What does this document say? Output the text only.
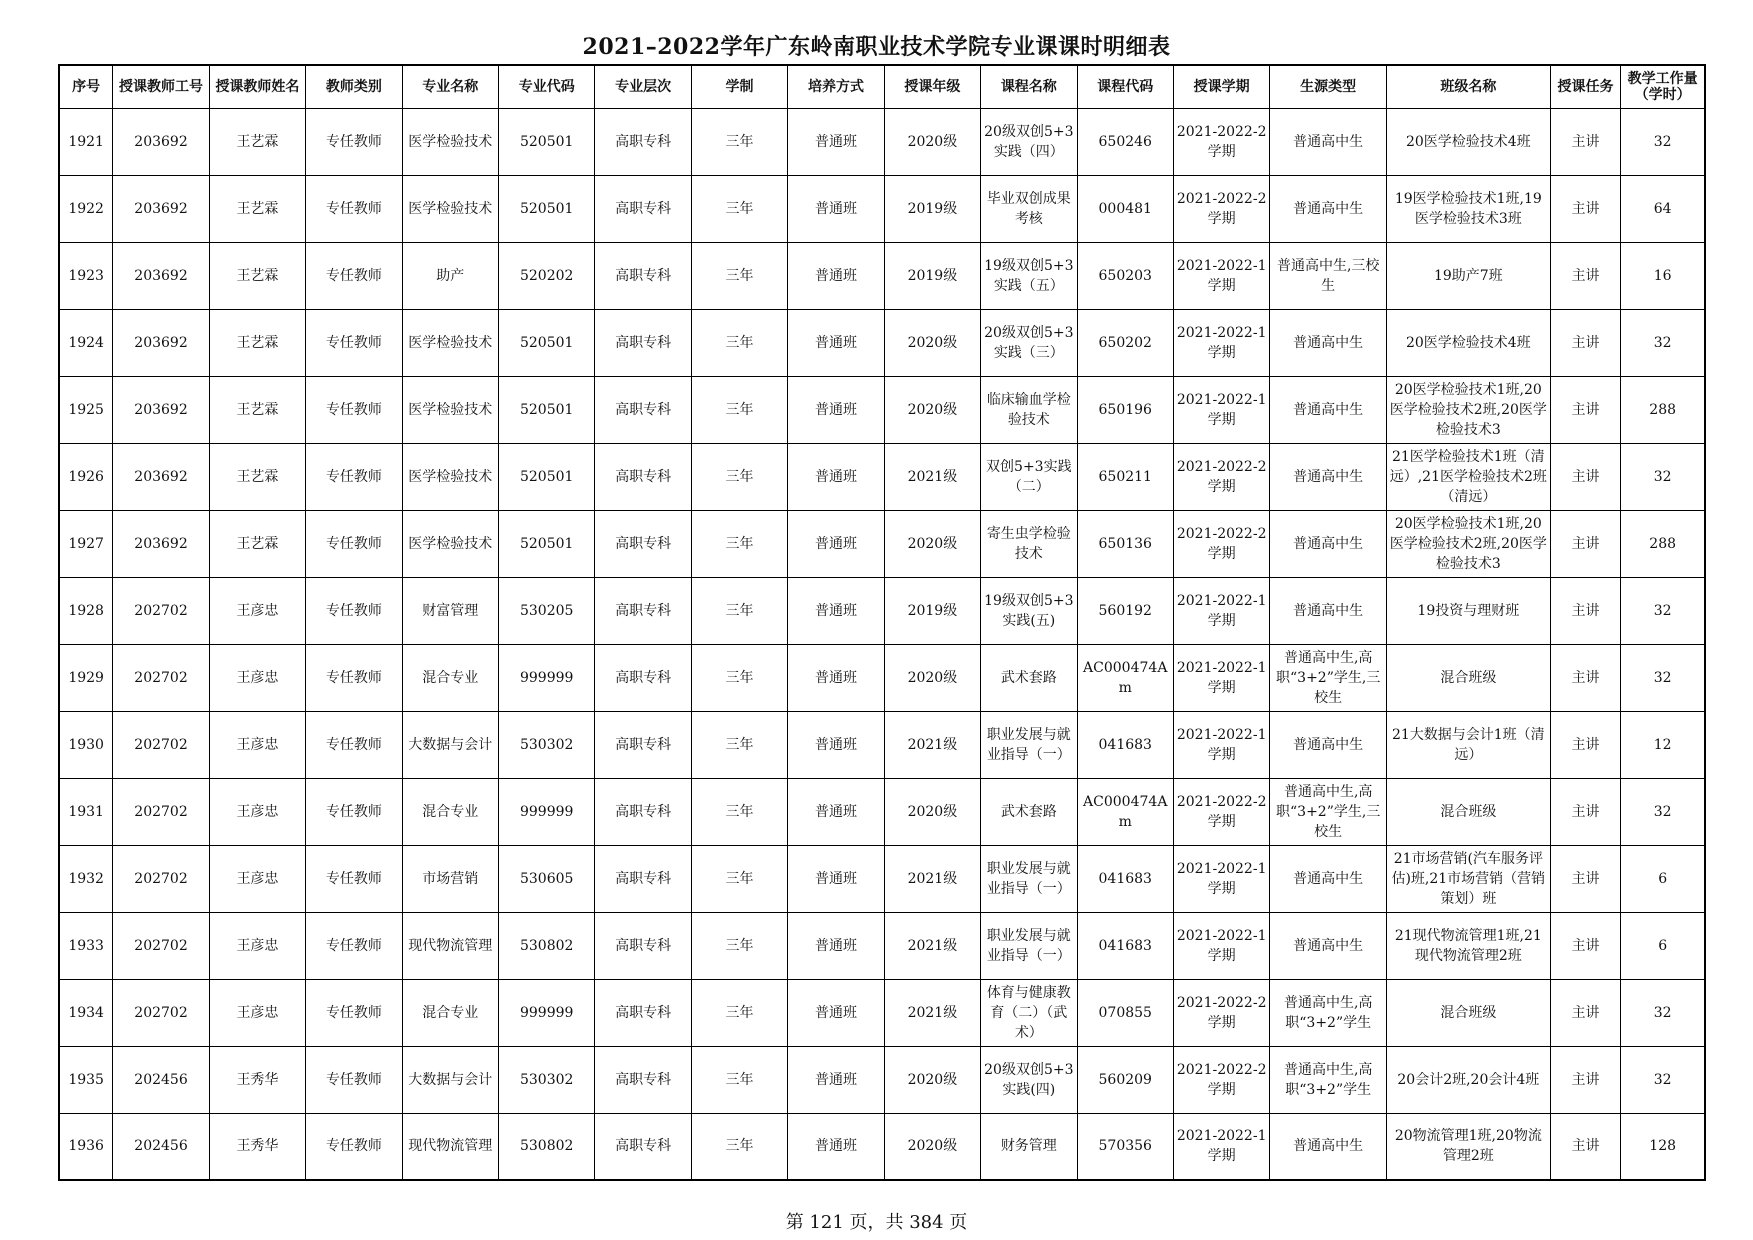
2021–2022学年广东岭南职业技术学院专业课课时明细表
序号	授课教师工号	授课教师姓名	教师类别	专业名称	专业代码	专业层次	学制	培养方式	授课年级	课程名称	课程代码	授课学期	生源类型	班级名称	授课任务	教学工作量（学时）

1921	203692	王艺霖	专任教师	医学检验技术	520501	高职专科	三年	普通班	2020级	20级双创5+3实践（四）	650246	2021-2022-2学期	普通高中生	20医学检验技术4班	主讲	32

1922	203692	王艺霖	专任教师	医学检验技术	520501	高职专科	三年	普通班	2019级	毕业双创成果考核	000481	2021-2022-2学期	普通高中生	19医学检验技术1班,19医学检验技术3班	主讲	64

1923	203692	王艺霖	专任教师	助产	520202	高职专科	三年	普通班	2019级	19级双创5+3实践（五）	650203	2021-2022-1学期	普通高中生,三校生	19助产7班	主讲	16

1924	203692	王艺霖	专任教师	医学检验技术	520501	高职专科	三年	普通班	2020级	20级双创5+3实践（三）	650202	2021-2022-1学期	普通高中生	20医学检验技术4班	主讲	32

1925	203692	王艺霖	专任教师	医学检验技术	520501	高职专科	三年	普通班	2020级	临床输血学检验技术	650196	2021-2022-1学期	普通高中生	20医学检验技术1班,20医学检验技术2班,20医学检验技术3	主讲	288

1926	203692	王艺霖	专任教师	医学检验技术	520501	高职专科	三年	普通班	2021级	双创5+3实践（二）	650211	2021-2022-2学期	普通高中生	21医学检验技术1班（清远）,21医学检验技术2班（清远）	主讲	32

1927	203692	王艺霖	专任教师	医学检验技术	520501	高职专科	三年	普通班	2020级	寄生虫学检验技术	650136	2021-2022-2学期	普通高中生	20医学检验技术1班,20医学检验技术2班,20医学检验技术3	主讲	288

1928	202702	王彦忠	专任教师	财富管理	530205	高职专科	三年	普通班	2019级	19级双创5+3实践(五)	560192	2021-2022-1学期	普通高中生	19投资与理财班	主讲	32

1929	202702	王彦忠	专任教师	混合专业	999999	高职专科	三年	普通班	2020级	武术套路	AC000474Am	2021-2022-1学期	普通高中生,高职“3+2”学生,三校生	混合班级	主讲	32

1930	202702	王彦忠	专任教师	大数据与会计	530302	高职专科	三年	普通班	2021级	职业发展与就业指导（一）	041683	2021-2022-1学期	普通高中生	21大数据与会计1班（清远）	主讲	12

1931	202702	王彦忠	专任教师	混合专业	999999	高职专科	三年	普通班	2020级	武术套路	AC000474Am	2021-2022-2学期	普通高中生,高职“3+2”学生,三校生	混合班级	主讲	32

1932	202702	王彦忠	专任教师	市场营销	530605	高职专科	三年	普通班	2021级	职业发展与就业指导（一）	041683	2021-2022-1学期	普通高中生	21市场营销(汽车服务评估)班,21市场营销（营销策划）班	主讲	6

1933	202702	王彦忠	专任教师	现代物流管理	530802	高职专科	三年	普通班	2021级	职业发展与就业指导（一）	041683	2021-2022-1学期	普通高中生	21现代物流管理1班,21现代物流管理2班	主讲	6

1934	202702	王彦忠	专任教师	混合专业	999999	高职专科	三年	普通班	2021级	体育与健康教育（二）（武术）	070855	2021-2022-2学期	普通高中生,高职“3+2”学生	混合班级	主讲	32

1935	202456	王秀华	专任教师	大数据与会计	530302	高职专科	三年	普通班	2020级	20级双创5+3实践(四)	560209	2021-2022-2学期	普通高中生,高职“3+2”学生	20会计2班,20会计4班	主讲	32

1936	202456	王秀华	专任教师	现代物流管理	530802	高职专科	三年	普通班	2020级	财务管理	570356	2021-2022-1学期	普通高中生	20物流管理1班,20物流管理2班	主讲	128
第 121 页，共 384 页
